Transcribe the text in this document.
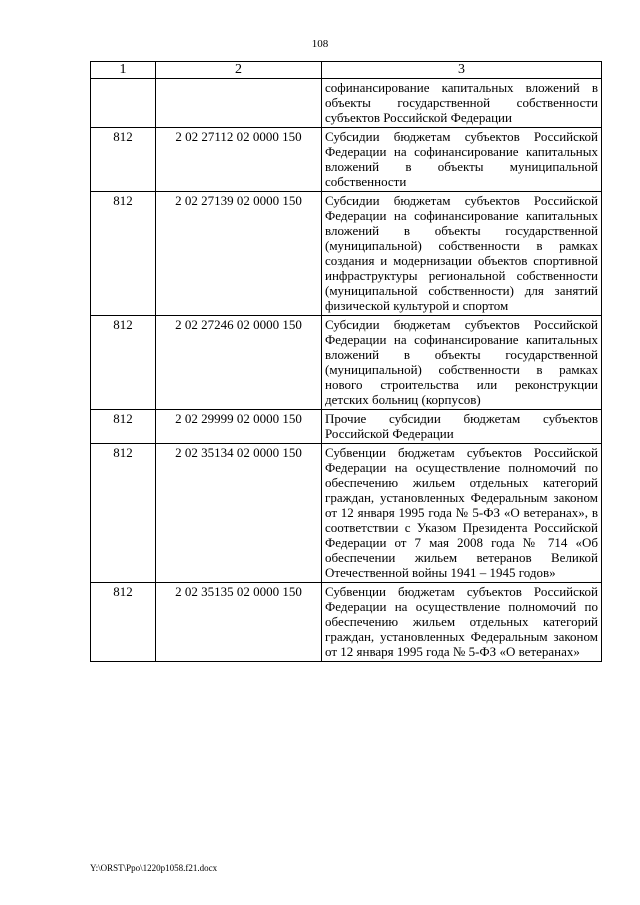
108
1	2	3
		софинансирование капитальных вложений в объекты государственной собственности субъектов Российской Федерации
812	2 02 27112 02 0000 150	Субсидии бюджетам субъектов Российской Федерации на софинансирование капитальных вложений в объекты муниципальной собственности
812	2 02 27139 02 0000 150	Субсидии бюджетам субъектов Российской Федерации на софинансирование капитальных вложений в объекты государственной (муниципальной) собственности в рамках создания и модернизации объектов спортивной инфраструктуры региональной собственности (муниципальной собственности) для занятий физической культурой и спортом
812	2 02 27246 02 0000 150	Субсидии бюджетам субъектов Российской Федерации на софинансирование капитальных вложений в объекты государственной (муниципальной) собственности в рамках нового строительства или реконструкции детских больниц (корпусов)
812	2 02 29999 02 0000 150	Прочие субсидии бюджетам субъектов Российской Федерации
812	2 02 35134 02 0000 150	Субвенции бюджетам субъектов Российской Федерации на осуществление полномочий по обеспечению жильем отдельных категорий граждан, установленных Федеральным законом от 12 января 1995 года № 5-ФЗ «О ветеранах», в соответствии с Указом Президента Российской Федерации от 7 мая 2008 года № 714 «Об обеспечении жильем ветеранов Великой Отечественной войны 1941 – 1945 годов»
812	2 02 35135 02 0000 150	Субвенции бюджетам субъектов Российской Федерации на осуществление полномочий по обеспечению жильем отдельных категорий граждан, установленных Федеральным законом от 12 января 1995 года № 5-ФЗ «О ветеранах»
Y:\ORST\Ppo\1220p1058.f21.docx
